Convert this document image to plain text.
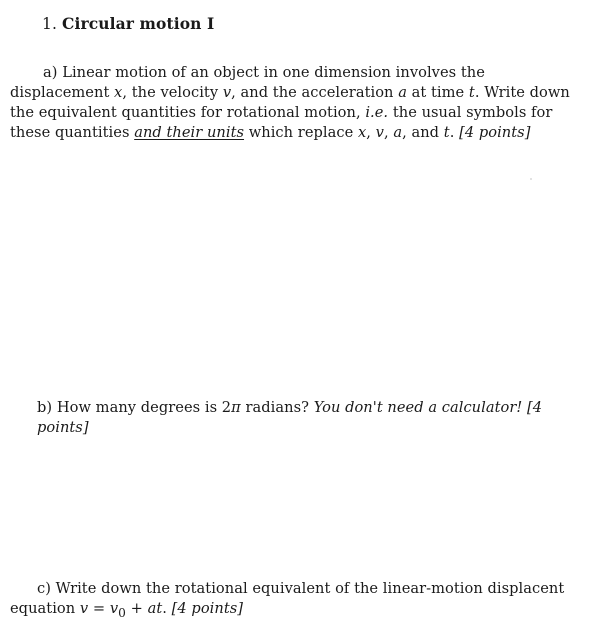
1. Circular motion I
a) Linear motion of an object in one dimension involves the displacement x, the velocity v, and the acceleration a at time t. Write down the equivalent quantities for rotational motion, i.e. the usual symbols for these quantities and their units which replace x, v, a, and t. [4 points]
b) How many degrees is 2π radians? You don't need a calculator! [4 points]
c) Write down the rotational equivalent of the linear-motion displacent equation $v = v_0$ + at. [4 points]
